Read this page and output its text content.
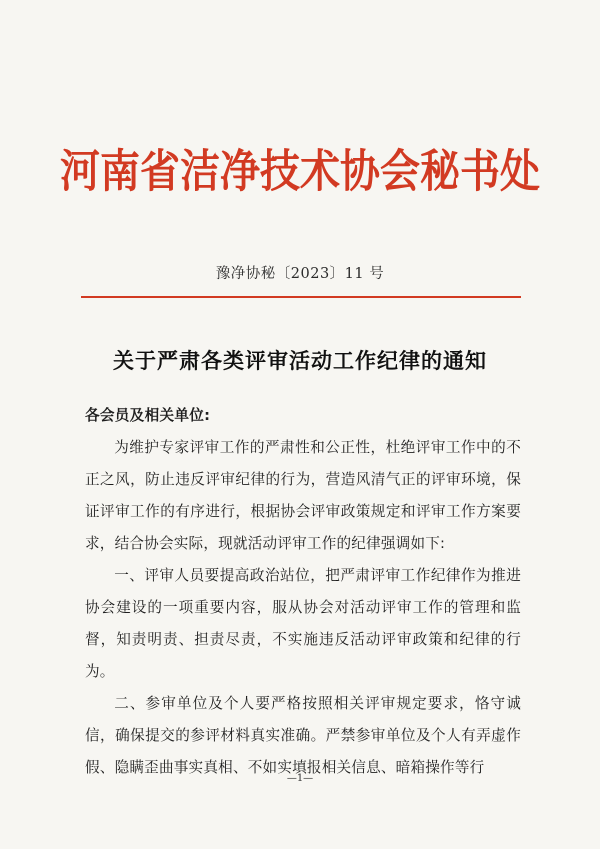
河南省洁净技术协会秘书处
豫净协秘〔2023〕11 号
关于严肃各类评审活动工作纪律的通知

各会员及相关单位:

为维护专家评审工作的严肃性和公正性，杜绝评审工作中的不正之风，防止违反评审纪律的行为，营造风清气正的评审环境，保证评审工作的有序进行，根据协会评审政策规定和评审工作方案要求，结合协会实际，现就活动评审工作的纪律强调如下:

一、评审人员要提高政治站位，把严肃评审工作纪律作为推进协会建设的一项重要内容，服从协会对活动评审工作的管理和监督，知责明责、担责尽责，不实施违反活动评审政策和纪律的行为。

二、参审单位及个人要严格按照相关评审规定要求，恪守诚信，确保提交的参评材料真实准确。严禁参审单位及个人有弄虚作假、隐瞒歪曲事实真相、不如实填报相关信息、暗箱操作等行

—1—
